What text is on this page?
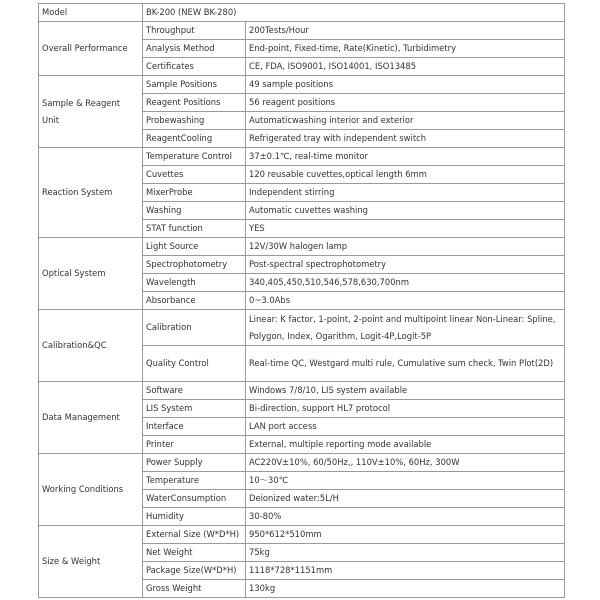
Model	BK-200 (NEW BK-280)	
Overall Performance	Throughput	200Tests/Hour
	Analysis Method	End-point, Fixed-time, Rate(Kinetic), Turbidimetry
	Certificates	CE, FDA, ISO9001, ISO14001, ISO13485
Sample & Reagent Unit	Sample Positions	49 sample positions
	Reagent Positions	56 reagent positions
	Probewashing	Automaticwashing interior and exterior
	ReagentCooling	Refrigerated tray with independent switch
Reaction System	Temperature Control	37±0.1℃, real-time monitor
	Cuvettes	120 reusable cuvettes,optical length 6mm
	MixerProbe	Independent stirring
	Washing	Automatic cuvettes washing
	STAT function	YES
Optical System	Light Source	12V/30W halogen lamp
	Spectrophotometry	Post-spectral spectrophotometry
	Wavelength	340,405,450,510,546,578,630,700nm
	Absorbance	0~3.0Abs
Calibration&QC	Calibration	Linear: K factor, 1-point, 2-point and multipoint linear Non-Linear: Spline, Polygon, Index, Ogarithm, Logit-4P,Logit-5P
	Quality Control	Real-time QC, Westgard multi rule, Cumulative sum check, Twin Plot(2D)
Data Management	Software	Windows 7/8/10, LIS system available
	LIS System	Bi-direction, support HL7 protocol
	Interface	LAN port access
	Printer	External, multiple reporting mode available
Working Conditions	Power Supply	AC220V±10%, 60/50Hz,, 110V±10%, 60Hz, 300W
	Temperature	10～30℃
	WaterConsumption	Deionized water:5L/H
	Humidity	30-80%
Size & Weight	External Size (W*D*H)	950*612*510mm
	Net Weight	75kg
	Package Size(W*D*H)	1118*728*1151mm
	Gross Weight	130kg
